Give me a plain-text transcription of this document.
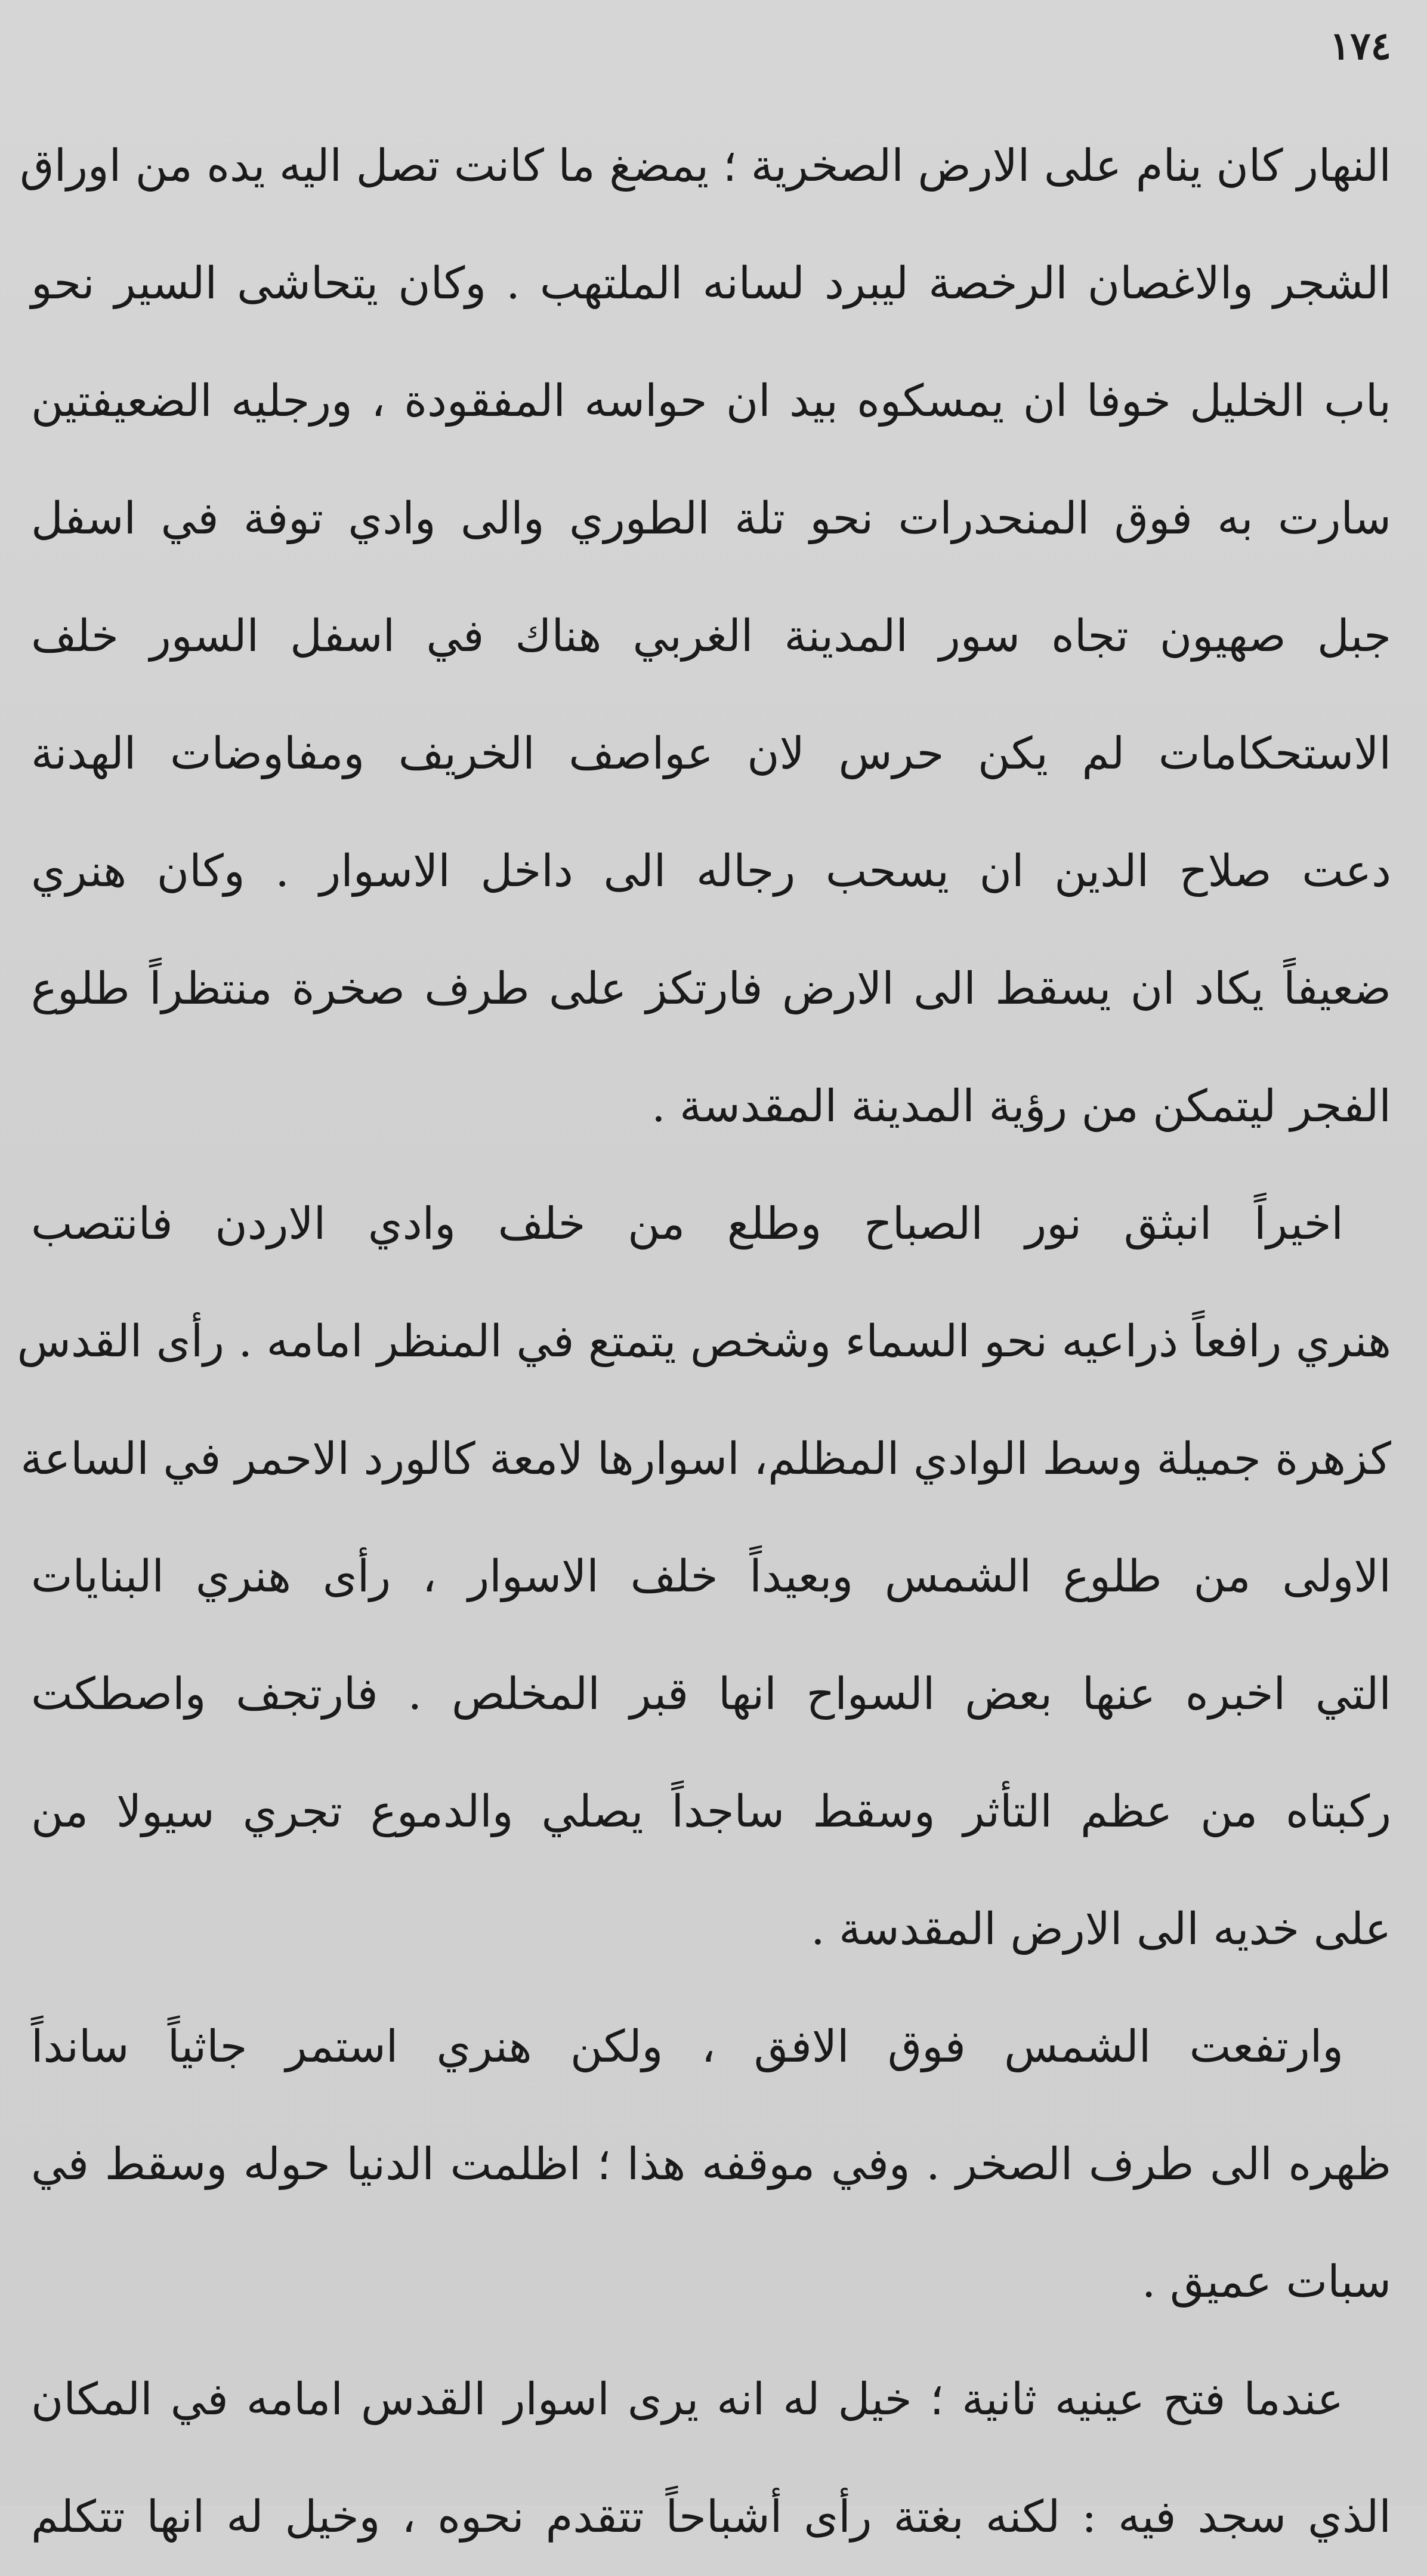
١٧٤
النهار كان ينام على الارض الصخرية ؛ يمضغ ما كانت تصل اليه يده من اوراق
الشجر والاغصان الرخصة ليبرد لسانه الملتهب . وكان يتحاشى السير نحو
باب الخليل خوفا ان يمسكوه بيد ان حواسه المفقودة ، ورجليه الضعيفتين
سارت به فوق المنحدرات نحو تلة الطوري والى وادي توفة في اسفل
جبل صهيون تجاه سور المدينة الغربي هناك في اسفل السور خلف
الاستحكامات لم يكن حرس لان عواصف الخريف ومفاوضات الهدنة
دعت صلاح الدين ان يسحب رجاله الى داخل الاسوار . وكان هنري
ضعيفاً يكاد ان يسقط الى الارض فارتكز على طرف صخرة منتظراً طلوع
الفجر ليتمكن من رؤية المدينة المقدسة .
اخيراً انبثق نور الصباح وطلع من خلف وادي الاردن فانتصب
هنري رافعاً ذراعيه نحو السماء وشخص يتمتع في المنظر امامه . رأى القدس
كزهرة جميلة وسط الوادي المظلم، اسوارها لامعة كالورد الاحمر في الساعة
الاولى من طلوع الشمس وبعيداً خلف الاسوار ، رأى هنري البنايات
التي اخبره عنها بعض السواح انها قبر المخلص . فارتجف واصطكت
ركبتاه من عظم التأثر وسقط ساجداً يصلي والدموع تجري سيولا من
على خديه الى الارض المقدسة .
وارتفعت الشمس فوق الافق ، ولكن هنري استمر جاثياً سانداً
ظهره الى طرف الصخر . وفي موقفه هذا ؛ اظلمت الدنيا حوله وسقط في
سبات عميق .
عندما فتح عينيه ثانية ؛ خيل له انه يرى اسوار القدس امامه في المكان
الذي سجد فيه : لكنه بغتة رأى أشباحاً تتقدم نحوه ، وخيل له انها تتكلم
